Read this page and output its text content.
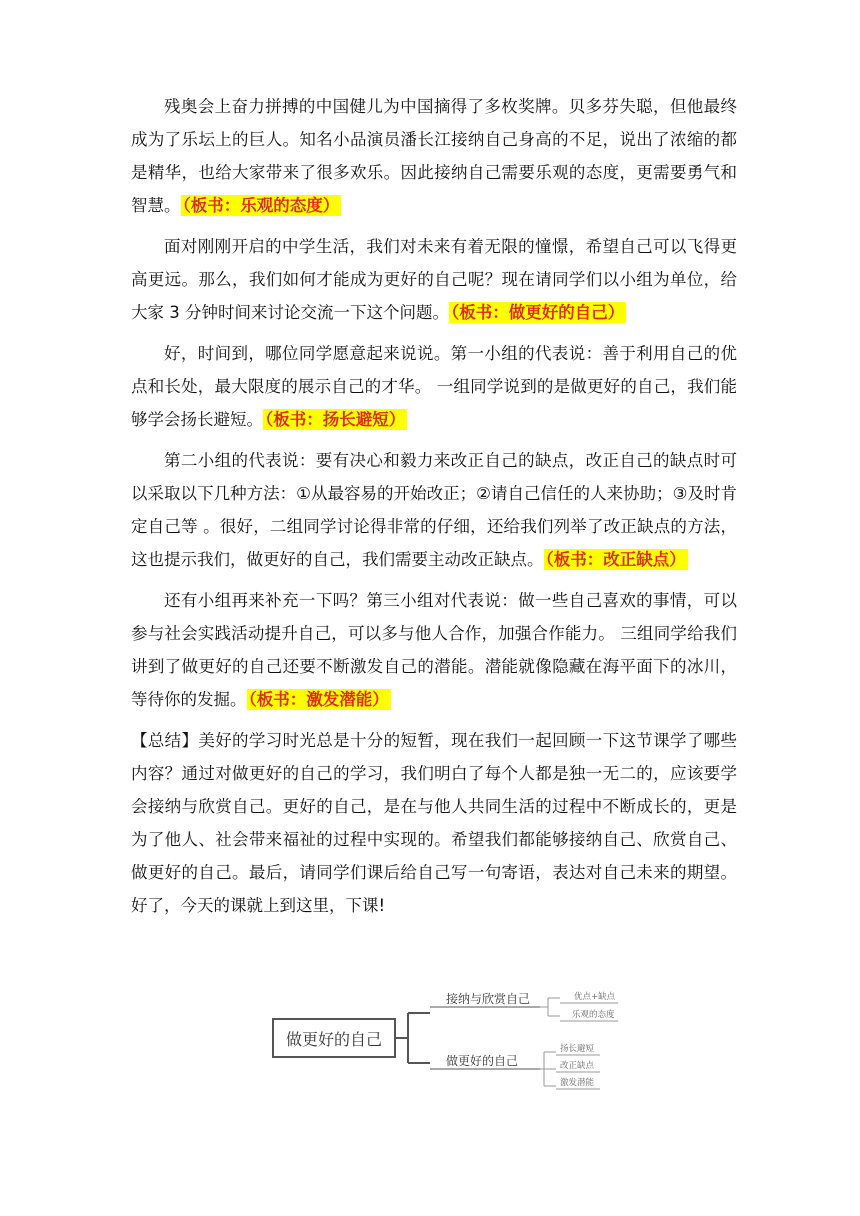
残奥会上奋力拼搏的中国健儿为中国摘得了多枚奖牌。贝多芬失聪，但他最终成为了乐坛上的巨人。知名小品演员潘长江接纳自己身高的不足，说出了浓缩的都是精华，也给大家带来了很多欢乐。因此接纳自己需要乐观的态度，更需要勇气和智慧。 （板书：乐观的态度）

面对刚刚开启的中学生活，我们对未来有着无限的憧憬，希望自己可以飞得更高更远。那么，我们如何才能成为更好的自己呢？现在请同学们以小组为单位，给大家 3 分钟时间来讨论交流一下这个问题。 （板书：做更好的自己）

好，时间到，哪位同学愿意起来说说。第一小组的代表说：善于利用自己的优点和长处，最大限度的展示自己的才华。 一组同学说到的是做更好的自己，我们能够学会扬长避短。 （板书：扬长避短）

第二小组的代表说：要有决心和毅力来改正自己的缺点，改正自己的缺点时可以采取以下几种方法：①从最容易的开始改正；②请自己信任的人来协助；③及时肯定自己等 。很好，二组同学讨论得非常的仔细，还给我们列举了改正缺点的方法，这也提示我们，做更好的自己，我们需要主动改正缺点。 （板书：改正缺点）

还有小组再来补充一下吗？第三小组对代表说：做一些自己喜欢的事情，可以参与社会实践活动提升自己，可以多与他人合作，加强合作能力。 三组同学给我们讲到了做更好的自己还要不断激发自己的潜能。潜能就像隐藏在海平面下的冰川，等待你的发掘。 （板书：激发潜能）

【总结】美好的学习时光总是十分的短暂，现在我们一起回顾一下这节课学了哪些内容？通过对做更好的自己的学习，我们明白了每个人都是独一无二的，应该要学会接纳与欣赏自己。更好的自己，是在与他人共同生活的过程中不断成长的，更是为了他人、社会带来福祉的过程中实现的。希望我们都能够接纳自己、欣赏自己、做更好的自己。最后，请同学们课后给自己写一句寄语，表达对自己未来的期望。好了，今天的课就上到这里，下课!

做更好的自己
接纳与欣赏自己
做更好的自己
优点+缺点
乐观的态度
扬长避短
改正缺点
激发潜能
